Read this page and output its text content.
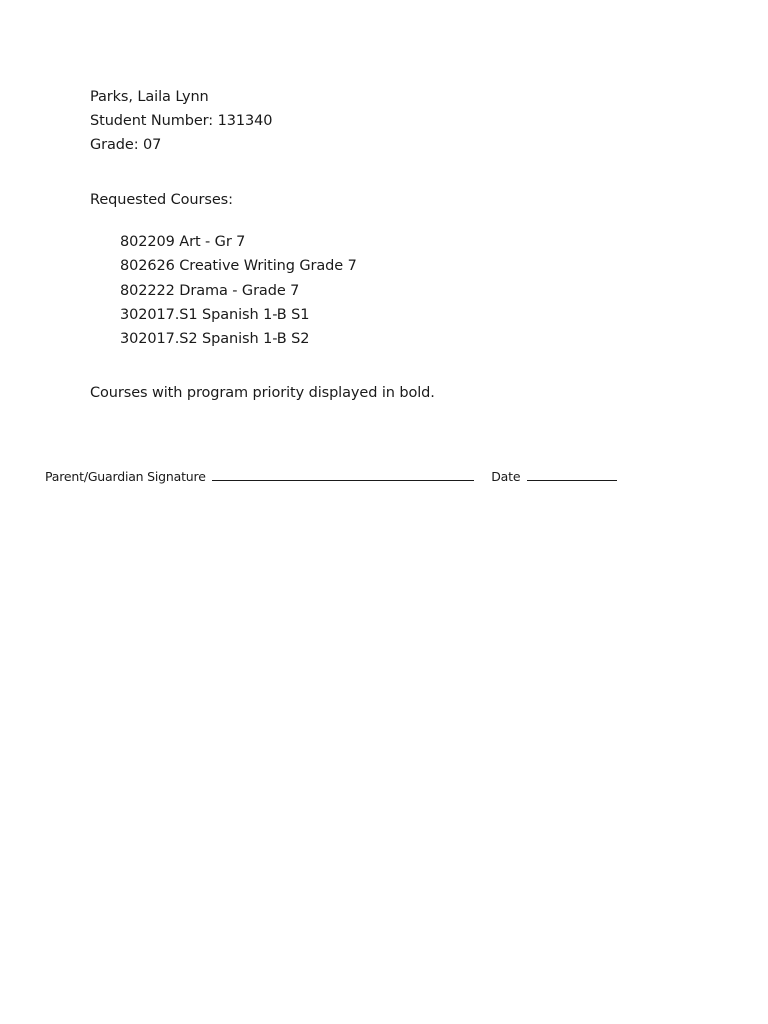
Parks, Laila Lynn
Student Number: 131340
Grade: 07
Requested Courses:
802209 Art - Gr 7
802626 Creative Writing Grade 7
802222 Drama - Grade 7
302017.S1 Spanish 1-B S1
302017.S2 Spanish 1-B S2
Courses with program priority displayed in bold.
Parent/Guardian Signature	Date
